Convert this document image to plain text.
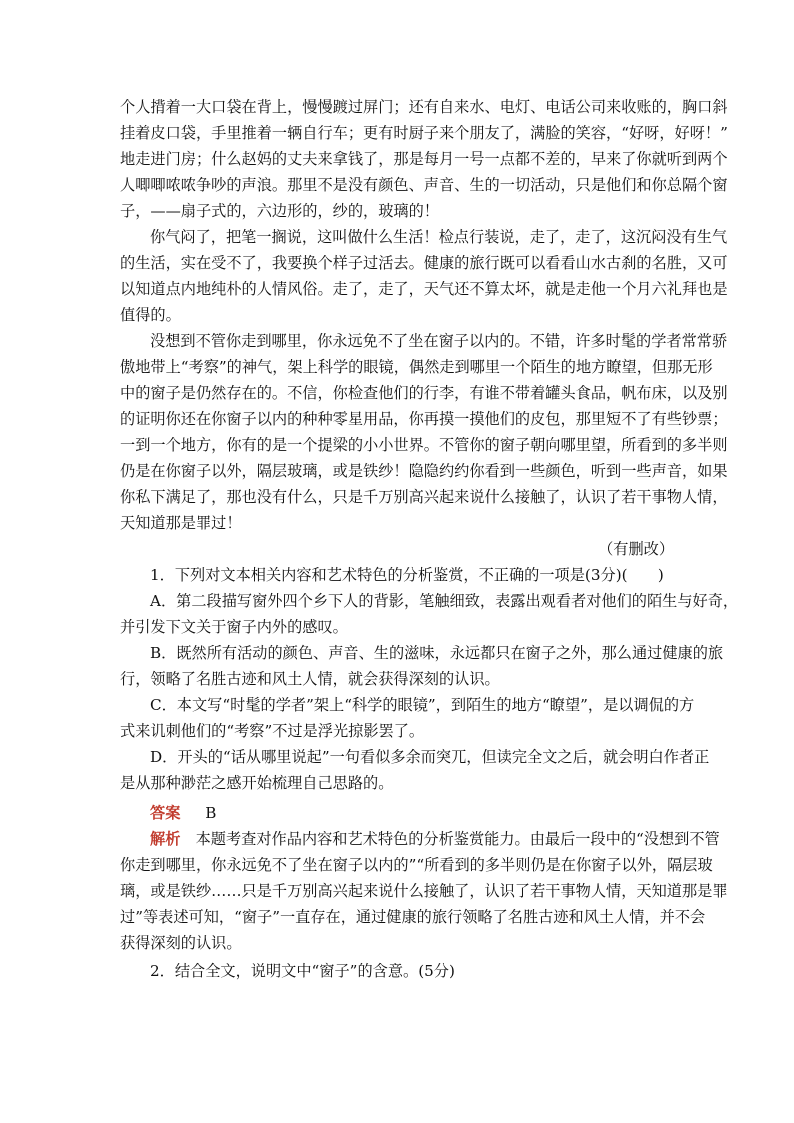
个人揹着一大口袋在背上，慢慢踱过屏门；还有自来水、电灯、电话公司来收账的，胸口斜
挂着皮口袋，手里推着一辆自行车；更有时厨子来个朋友了，满脸的笑容，“好呀，好呀！”
地走进门房；什么赵妈的丈夫来拿钱了，那是每月一号一点都不差的，早来了你就听到两个
人唧唧哝哝争吵的声浪。那里不是没有颜色、声音、生的一切活动，只是他们和你总隔个窗
子，——扇子式的，六边形的，纱的，玻璃的！
你气闷了，把笔一搁说，这叫做什么生活！检点行装说，走了，走了，这沉闷没有生气
的生活，实在受不了，我要换个样子过活去。健康的旅行既可以看看山水古刹的名胜，又可
以知道点内地纯朴的人情风俗。走了，走了，天气还不算太坏，就是走他一个月六礼拜也是
值得的。
没想到不管你走到哪里，你永远免不了坐在窗子以内的。不错，许多时髦的学者常常骄
傲地带上“考察”的神气，架上科学的眼镜，偶然走到哪里一个陌生的地方瞭望，但那无形
中的窗子是仍然存在的。不信，你检查他们的行李，有谁不带着罐头食品，帆布床，以及别
的证明你还在你窗子以内的种种零星用品，你再摸一摸他们的皮包，那里短不了有些钞票；
一到一个地方，你有的是一个提梁的小小世界。不管你的窗子朝向哪里望，所看到的多半则
仍是在你窗子以外，隔层玻璃，或是铁纱！隐隐约约你看到一些颜色，听到一些声音，如果
你私下满足了，那也没有什么，只是千万别高兴起来说什么接触了，认识了若干事物人情，
天知道那是罪过！
（有删改）
1．下列对文本相关内容和艺术特色的分析鉴赏，不正确的一项是(3分)(　　)
A．第二段描写窗外四个乡下人的背影，笔触细致，表露出观看者对他们的陌生与好奇，
并引发下文关于窗子内外的感叹。
B．既然所有活动的颜色、声音、生的滋味，永远都只在窗子之外，那么通过健康的旅
行，领略了名胜古迹和风土人情，就会获得深刻的认识。
C．本文写“时髦的学者”架上“科学的眼镜”，到陌生的地方“瞭望”，是以调侃的方
式来讥刺他们的“考察”不过是浮光掠影罢了。
D．开头的“话从哪里说起”一句看似多余而突兀，但读完全文之后，就会明白作者正
是从那种渺茫之感开始梳理自己思路的。
答案   B
解析  本题考查对作品内容和艺术特色的分析鉴赏能力。由最后一段中的“没想到不管
你走到哪里，你永远免不了坐在窗子以内的”“所看到的多半则仍是在你窗子以外，隔层玻
璃，或是铁纱……只是千万别高兴起来说什么接触了，认识了若干事物人情，天知道那是罪
过”等表述可知，“窗子”一直存在，通过健康的旅行领略了名胜古迹和风土人情，并不会
获得深刻的认识。
2．结合全文，说明文中“窗子”的含意。(5分)
